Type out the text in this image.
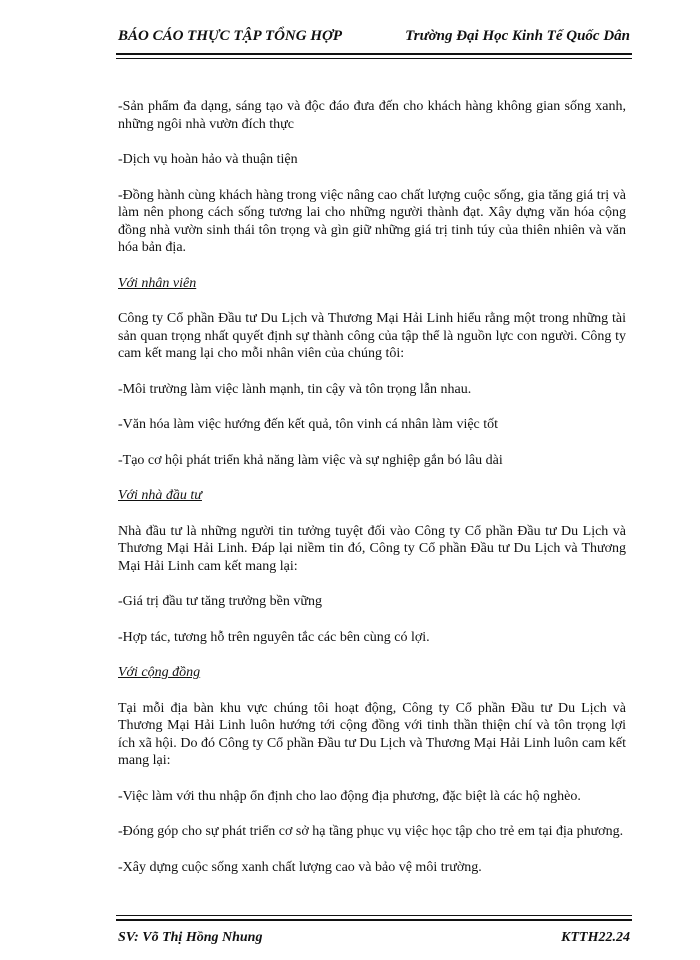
BÁO CÁO THỰC TẬP TỔNG HỢP	Trường Đại Học Kinh Tế Quốc Dân

-Sản phẩm đa dạng, sáng tạo và độc đáo đưa đến cho khách hàng không gian sống xanh, những ngôi nhà vườn đích thực

-Dịch vụ hoàn hảo và thuận tiện

-Đồng hành cùng khách hàng trong việc nâng cao chất lượng cuộc sống, gia tăng giá trị và làm nên phong cách sống tương lai cho những người thành đạt. Xây dựng văn hóa cộng đồng nhà vườn sinh thái tôn trọng và gìn giữ những giá trị tinh túy của thiên nhiên và văn hóa bản địa.

Với nhân viên

Công ty Cổ phần Đầu tư Du Lịch và Thương Mại Hải Linh hiểu rằng một trong những tài sản quan trọng nhất quyết định sự thành công của tập thể là nguồn lực con người. Công ty cam kết mang lại cho mỗi nhân viên của chúng tôi:

-Môi trường làm việc lành mạnh, tin cậy và tôn trọng lẫn nhau.

-Văn hóa làm việc hướng đến kết quả, tôn vinh cá nhân làm việc tốt

-Tạo cơ hội phát triển khả năng làm việc và sự nghiệp gắn bó lâu dài

Với nhà đầu tư

Nhà đầu tư là những người tin tưởng tuyệt đối vào Công ty Cổ phần Đầu tư Du Lịch và Thương Mại Hải Linh. Đáp lại niềm tin đó, Công ty Cổ phần Đầu tư Du Lịch và Thương Mại Hải Linh cam kết mang lại:

-Giá trị đầu tư tăng trưởng bền vững

-Hợp tác, tương hỗ trên nguyên tắc các bên cùng có lợi.

Với cộng đồng

Tại mỗi địa bàn khu vực chúng tôi hoạt động, Công ty Cổ phần Đầu tư Du Lịch và Thương Mại Hải Linh luôn hướng tới cộng đồng với tinh thần thiện chí và tôn trọng lợi ích xã hội. Do đó Công ty Cổ phần Đầu tư Du Lịch và Thương Mại Hải Linh luôn cam kết mang lại:

-Việc làm với thu nhập ổn định cho lao động địa phương, đặc biệt là các hộ nghèo.

-Đóng góp cho sự phát triển cơ sở hạ tầng phục vụ việc học tập cho trẻ em tại địa phương.

-Xây dựng cuộc sống xanh chất lượng cao và bảo vệ môi trường.

SV: Võ Thị Hồng Nhung	KTTH22.24
